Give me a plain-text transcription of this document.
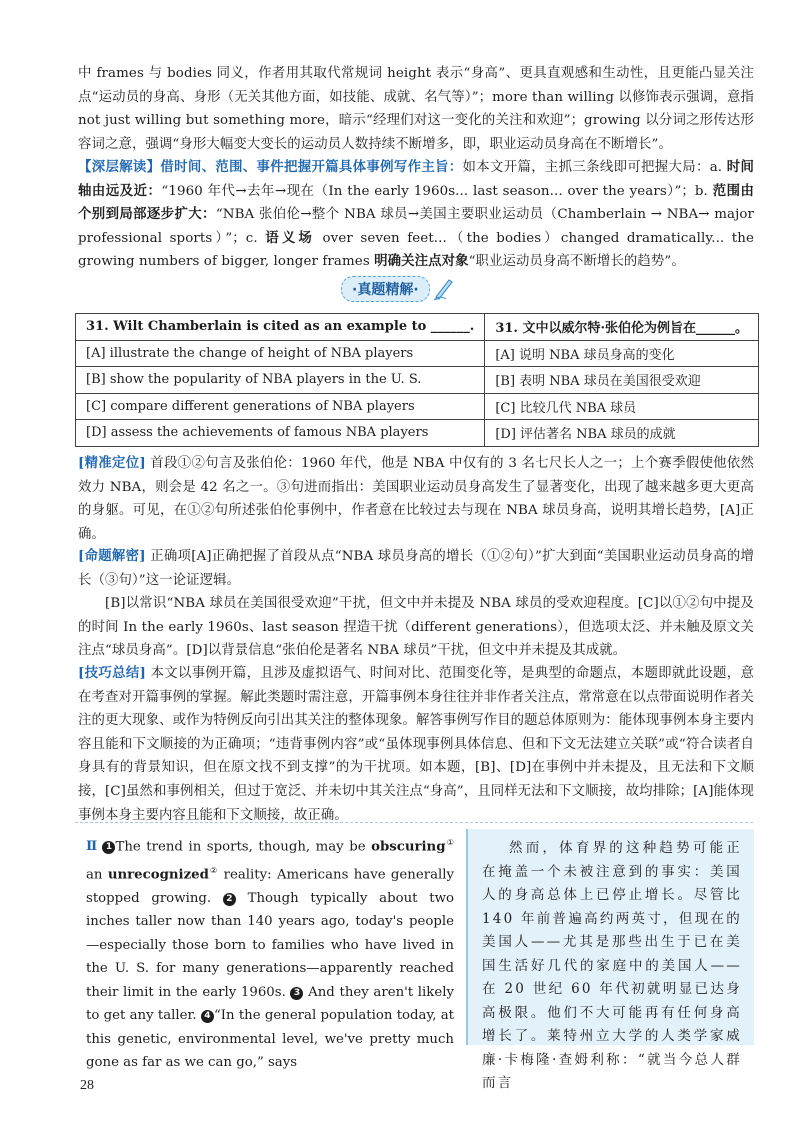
中 frames 与 bodies 同义，作者用其取代常规词 height 表示“身高”、更具直观感和生动性，且更能凸显关注点“运动员的身高、身形（无关其他方面，如技能、成就、名气等）”；more than willing 以修饰表示强调，意指 not just willing but something more，暗示“经理们对这一变化的关注和欢迎”；growing 以分词之形传达形容词之意，强调“身形大幅变大变长的运动员人数持续不断增多，即，职业运动员身高在不断增长”。
【深层解读】借时间、范围、事件把握开篇具体事例写作主旨：如本文开篇，主抓三条线即可把握大局：a. 时间轴由远及近：“1960 年代→去年→现在（In the early 1960s... last season... over the years）”；b. 范围由个别到局部逐步扩大：“NBA 张伯伦→整个 NBA 球员→美国主要职业运动员（Chamberlain → NBA→ major professional sports）”；c. 语义场 over seven feet...（the bodies）changed dramatically... the growing numbers of bigger, longer frames 明确关注点对象“职业运动员身高不断增长的趋势”。
·真题精解·
31. Wilt Chamberlain is cited as an example to ______.	31. 文中以威尔特·张伯伦为例旨在______。
[A] illustrate the change of height of NBA players	[A] 说明 NBA 球员身高的变化
[B] show the popularity of NBA players in the U. S.	[B] 表明 NBA 球员在美国很受欢迎
[C] compare different generations of NBA players	[C] 比较几代 NBA 球员
[D] assess the achievements of famous NBA players	[D] 评估著名 NBA 球员的成就
[精准定位] 首段①②句言及张伯伦：1960 年代，他是 NBA 中仅有的 3 名七尺长人之一；上个赛季假使他依然效力 NBA，则会是 42 名之一。③句进而指出：美国职业运动员身高发生了显著变化，出现了越来越多更大更高的身躯。可见，在①②句所述张伯伦事例中，作者意在比较过去与现在 NBA 球员身高，说明其增长趋势，[A]正确。
[命题解密] 正确项[A]正确把握了首段从点“NBA 球员身高的增长（①②句）”扩大到面“美国职业运动员身高的增长（③句）”这一论证逻辑。
[B]以常识“NBA 球员在美国很受欢迎”干扰，但文中并未提及 NBA 球员的受欢迎程度。[C]以①②句中提及的时间 In the early 1960s、last season 捏造干扰（different generations），但选项太泛、并未触及原文关注点“球员身高”。[D]以背景信息“张伯伦是著名 NBA 球员”干扰，但文中并未提及其成就。
[技巧总结] 本文以事例开篇，且涉及虚拟语气、时间对比、范围变化等，是典型的命题点，本题即就此设题，意在考查对开篇事例的掌握。解此类题时需注意，开篇事例本身往往并非作者关注点，常常意在以点带面说明作者关注的更大现象、或作为特例反向引出其关注的整体现象。解答事例写作目的题总体原则为：能体现事例本身主要内容且能和下文顺接的为正确项；“违背事例内容”或“虽体现事例具体信息、但和下文无法建立关联”或“符合读者自身具有的背景知识，但在原文找不到支撑”的为干扰项。如本题，[B]、[D]在事例中并未提及，且无法和下文顺接，[C]虽然和事例相关，但过于宽泛、并未切中其关注点“身高”，且同样无法和下文顺接，故均排除；[A]能体现事例本身主要内容且能和下文顺接，故正确。
Ⅱ 1 The trend in sports, though, may be obscuring① an unrecognized② reality: Americans have generally stopped growing. 2 Though typically about two inches taller now than 140 years ago, today's people—especially those born to families who have lived in the U. S. for many generations—apparently reached their limit in the early 1960s. 3 And they aren't likely to get any taller. 4 “In the general population today, at this genetic, environmental level, we've pretty much gone as far as we can go,” says
然而，体育界的这种趋势可能正在掩盖一个未被注意到的事实：美国人的身高总体上已停止增长。尽管比 140 年前普遍高约两英寸，但现在的美国人——尤其是那些出生于已在美国生活好几代的家庭中的美国人——在 20 世纪 60 年代初就明显已达身高极限。他们不大可能再有任何身高增长了。莱特州立大学的人类学家威廉·卡梅隆·查姆利称：“就当今总人群而言
28
